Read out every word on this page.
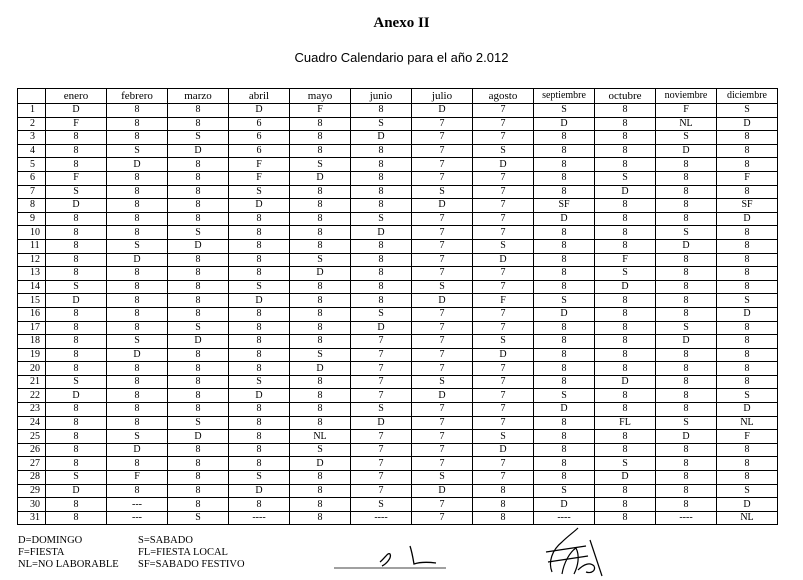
Anexo II
Cuadro Calendario para el año 2.012
	enero	febrero	marzo	abril	mayo	junio	julio	agosto	septiembre	octubre	noviembre	diciembre
1	D	8	8	D	F	8	D	7	S	8	F	S
2	F	8	8	6	8	S	7	7	D	8	NL	D
3	8	8	S	6	8	D	7	7	8	8	S	8
4	8	S	D	6	8	8	7	S	8	8	D	8
5	8	D	8	F	S	8	7	D	8	8	8	8
6	F	8	8	F	D	8	7	7	8	S	8	F
7	S	8	8	S	8	8	S	7	8	D	8	8
8	D	8	8	D	8	8	D	7	SF	8	8	SF
9	8	8	8	8	8	S	7	7	D	8	8	D
10	8	8	S	8	8	D	7	7	8	8	S	8
11	8	S	D	8	8	8	7	S	8	8	D	8
12	8	D	8	8	S	8	7	D	8	F	8	8
13	8	8	8	8	D	8	7	7	8	S	8	8
14	S	8	8	S	8	8	S	7	8	D	8	8
15	D	8	8	D	8	8	D	F	S	8	8	S
16	8	8	8	8	8	S	7	7	D	8	8	D
17	8	8	S	8	8	D	7	7	8	8	S	8
18	8	S	D	8	8	7	7	S	8	8	D	8
19	8	D	8	8	S	7	7	D	8	8	8	8
20	8	8	8	8	D	7	7	7	8	8	8	8
21	S	8	8	S	8	7	S	7	8	D	8	8
22	D	8	8	D	8	7	D	7	S	8	8	S
23	8	8	8	8	8	S	7	7	D	8	8	D
24	8	8	S	8	8	D	7	7	8	FL	S	NL
25	8	S	D	8	NL	7	7	S	8	8	D	F
26	8	D	8	8	S	7	7	D	8	8	8	8
27	8	8	8	8	D	7	7	7	8	S	8	8
28	S	F	8	S	8	7	S	7	8	D	8	8
29	D	8	8	D	8	7	D	8	S	8	8	S
30	8	---	8	8	8	S	7	8	D	8	8	D
31	8	---	S	----	8	----	7	8	----	8	----	NL
D=DOMINGO
F=FIESTA
NL=NO LABORABLE
S=SABADO
FL=FIESTA LOCAL
SF=SABADO FESTIVO
